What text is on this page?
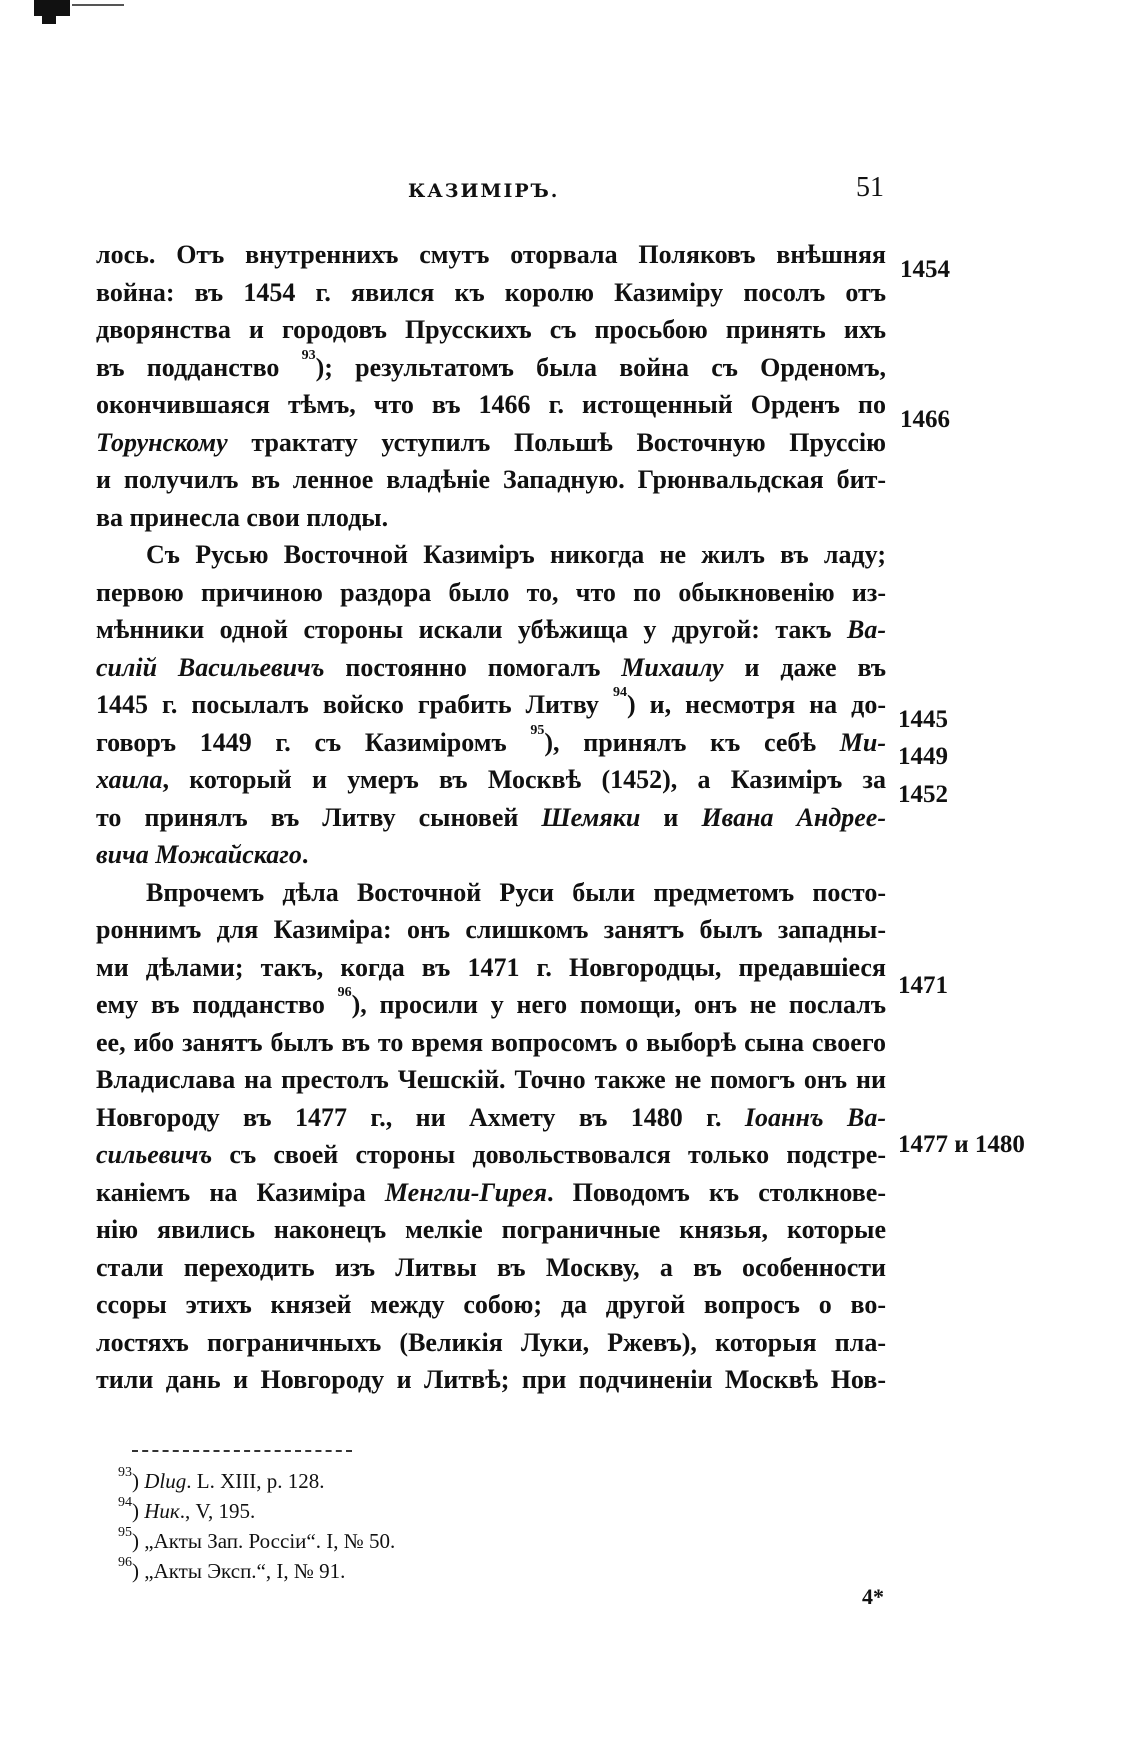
КАЗИМІРЪ.	51
лось. Отъ внутреннихъ смутъ оторвала Поляковъ внѣшняя
война: въ 1454 г. явился къ королю Казиміру посолъ отъ
дворянства и городовъ Прусскихъ съ просьбою принять ихъ
въ подданство $^{93}$); результатомъ была война съ Орденомъ,
окончившаяся тѣмъ, что въ 1466 г. истощенный Орденъ по
Торунскому трактату уступилъ Польшѣ Восточную Пруссію
и получилъ въ ленное владѣніе Западную. Грюнвальдская бит-
ва принесла свои плоды.
Съ Русью Восточной Казиміръ никогда не жилъ въ ладу;
первою причиною раздора было то, что по обыкновенію из-
мѣнники одной стороны искали убѣжища у другой: такъ Ва-
силій Васильевичъ постоянно помогалъ Михаилу и даже въ
1445 г. посылалъ войско грабить Литву $^{94}$) и, несмотря на до-
говоръ 1449 г. съ Казиміромъ $^{95}$), принялъ къ себѣ Ми-
хаила, который и умеръ въ Москвѣ (1452), а Казиміръ за
то принялъ въ Литву сыновей Шемяки и Ивана Андрее-
вича Можайскаго.
Впрочемъ дѣла Восточной Руси были предметомъ посто-
роннимъ для Казиміра: онъ слишкомъ занятъ былъ западны-
ми дѣлами; такъ, когда въ 1471 г. Новгородцы, предавшіеся
ему въ подданство $^{96}$), просили у него помощи, онъ не послалъ
ее, ибо занятъ былъ въ то время вопросомъ о выборѣ сына своего
Владислава на престолъ Чешскій. Точно также не помогъ онъ ни
Новгороду въ 1477 г., ни Ахмету въ 1480 г. Іоаннъ Ва-
сильевичъ съ своей стороны довольствовался только подстре-
каніемъ на Казиміра Менгли-Гирея. Поводомъ къ столкнове-
нію явились наконецъ мелкіе пограничные князья, которые
стали переходить изъ Литвы въ Москву, а въ особенности
ссоры этихъ князей между собою; да другой вопросъ о во-
лостяхъ пограничныхъ (Великія Луки, Ржевъ), которыя пла-
тили дань и Новгороду и Литвѣ; при подчиненіи Москвѣ Нов-
1454
1466
1445
1449
1452
1471
1477 и 1480
$^{93}$) Dlug. L. XIII, p. 128.
$^{94}$) Ник., V, 195.
$^{95}$) „Акты Зап. Россіи“. I, № 50.
$^{96}$) „Акты Эксп.“, I, № 91.
4*
